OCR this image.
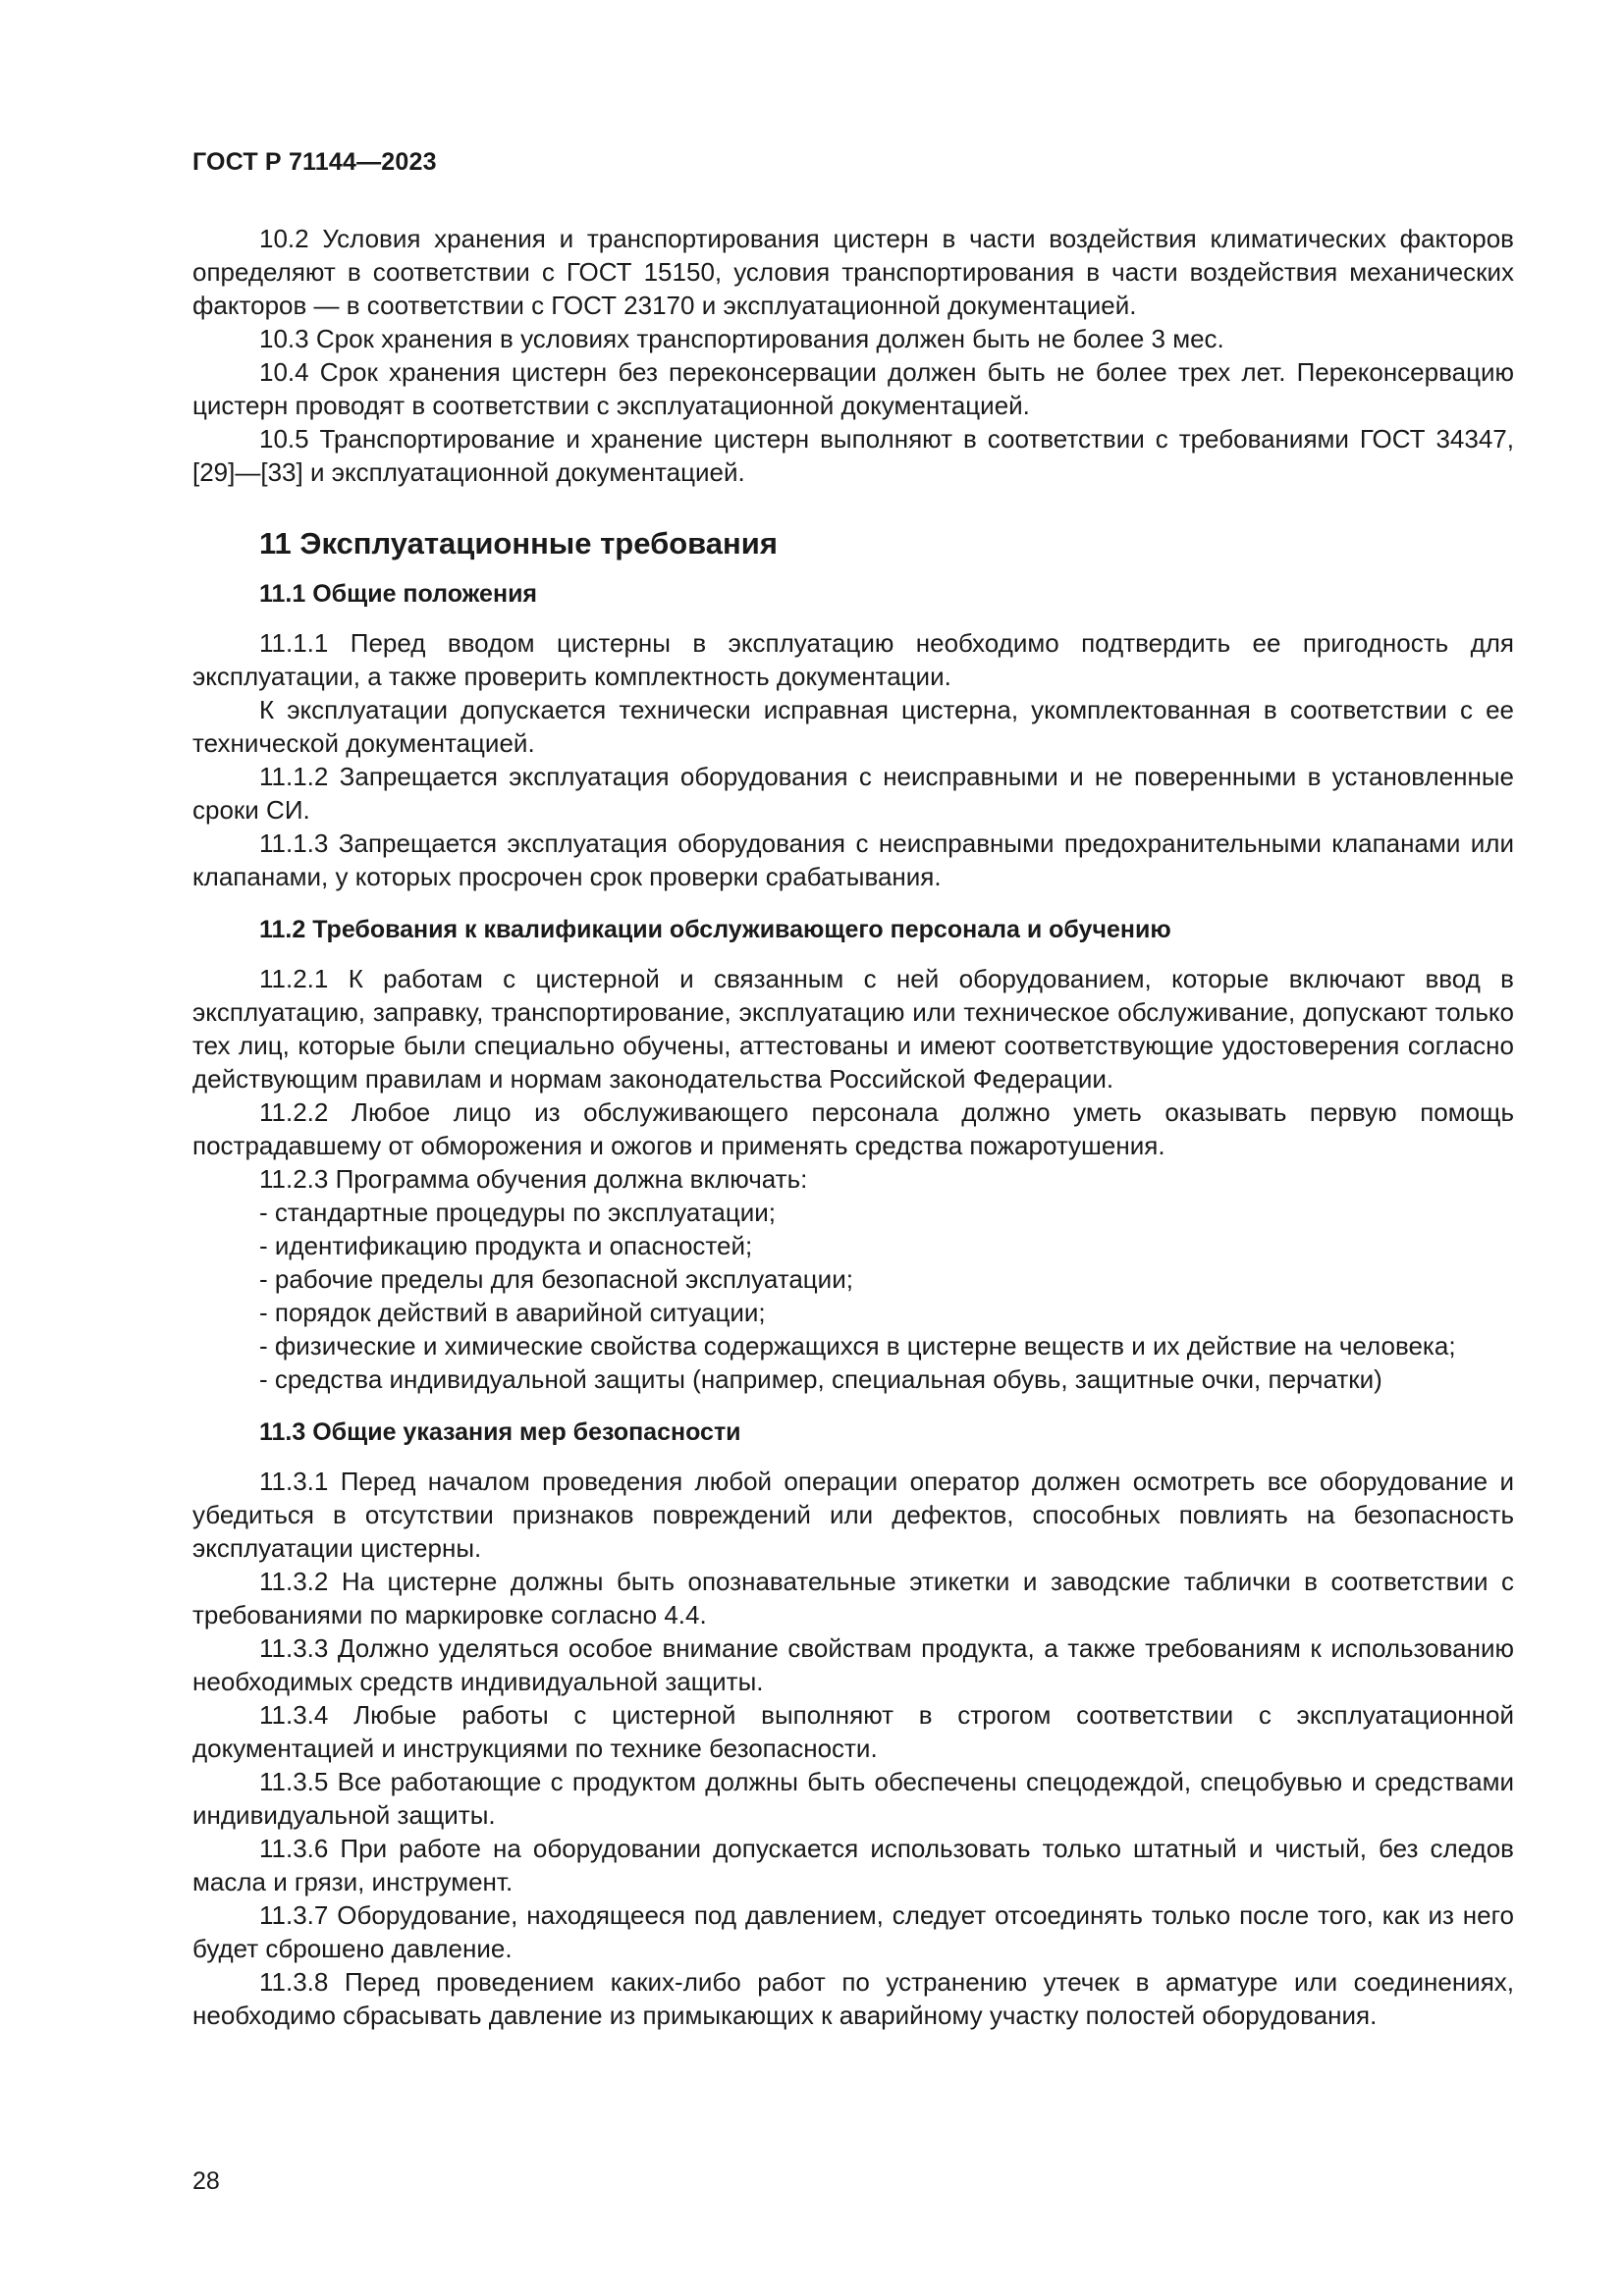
ГОСТ Р 71144—2023

10.2 Условия хранения и транспортирования цистерн в части воздействия климатических факторов определяют в соответствии с ГОСТ 15150, условия транспортирования в части воздействия механических факторов — в соответствии с ГОСТ 23170 и эксплуатационной документацией.

10.3 Срок хранения в условиях транспортирования должен быть не более 3 мес.

10.4 Срок хранения цистерн без переконсервации должен быть не более трех лет. Переконсервацию цистерн проводят в соответствии с эксплуатационной документацией.

10.5 Транспортирование и хранение цистерн выполняют в соответствии с требованиями ГОСТ 34347, [29]—[33] и эксплуатационной документацией.

11 Эксплуатационные требования
11.1 Общие положения

11.1.1 Перед вводом цистерны в эксплуатацию необходимо подтвердить ее пригодность для эксплуатации, а также проверить комплектность документации.

К эксплуатации допускается технически исправная цистерна, укомплектованная в соответствии с ее технической документацией.

11.1.2 Запрещается эксплуатация оборудования с неисправными и не поверенными в установленные сроки СИ.

11.1.3 Запрещается эксплуатация оборудования с неисправными предохранительными клапанами или клапанами, у которых просрочен срок проверки срабатывания.

11.2 Требования к квалификации обслуживающего персонала и обучению

11.2.1 К работам с цистерной и связанным с ней оборудованием, которые включают ввод в эксплуатацию, заправку, транспортирование, эксплуатацию или техническое обслуживание, допускают только тех лиц, которые были специально обучены, аттестованы и имеют соответствующие удостоверения согласно действующим правилам и нормам законодательства Российской Федерации.

11.2.2 Любое лицо из обслуживающего персонала должно уметь оказывать первую помощь пострадавшему от обморожения и ожогов и применять средства пожаротушения.

11.2.3 Программа обучения должна включать:

- стандартные процедуры по эксплуатации;

- идентификацию продукта и опасностей;

- рабочие пределы для безопасной эксплуатации;

- порядок действий в аварийной ситуации;

- физические и химические свойства содержащихся в цистерне веществ и их действие на человека;

- средства индивидуальной защиты (например, специальная обувь, защитные очки, перчатки)

11.3 Общие указания мер безопасности

11.3.1 Перед началом проведения любой операции оператор должен осмотреть все оборудование и убедиться в отсутствии признаков повреждений или дефектов, способных повлиять на безопасность эксплуатации цистерны.

11.3.2 На цистерне должны быть опознавательные этикетки и заводские таблички в соответствии с требованиями по маркировке согласно 4.4.

11.3.3 Должно уделяться особое внимание свойствам продукта, а также требованиям к использованию необходимых средств индивидуальной защиты.

11.3.4 Любые работы с цистерной выполняют в строгом соответствии с эксплуатационной документацией и инструкциями по технике безопасности.

11.3.5 Все работающие с продуктом должны быть обеспечены спецодеждой, спецобувью и средствами индивидуальной защиты.

11.3.6 При работе на оборудовании допускается использовать только штатный и чистый, без следов масла и грязи, инструмент.

11.3.7 Оборудование, находящееся под давлением, следует отсоединять только после того, как из него будет сброшено давление.

11.3.8 Перед проведением каких-либо работ по устранению утечек в арматуре или соединениях, необходимо сбрасывать давление из примыкающих к аварийному участку полостей оборудования.

28
